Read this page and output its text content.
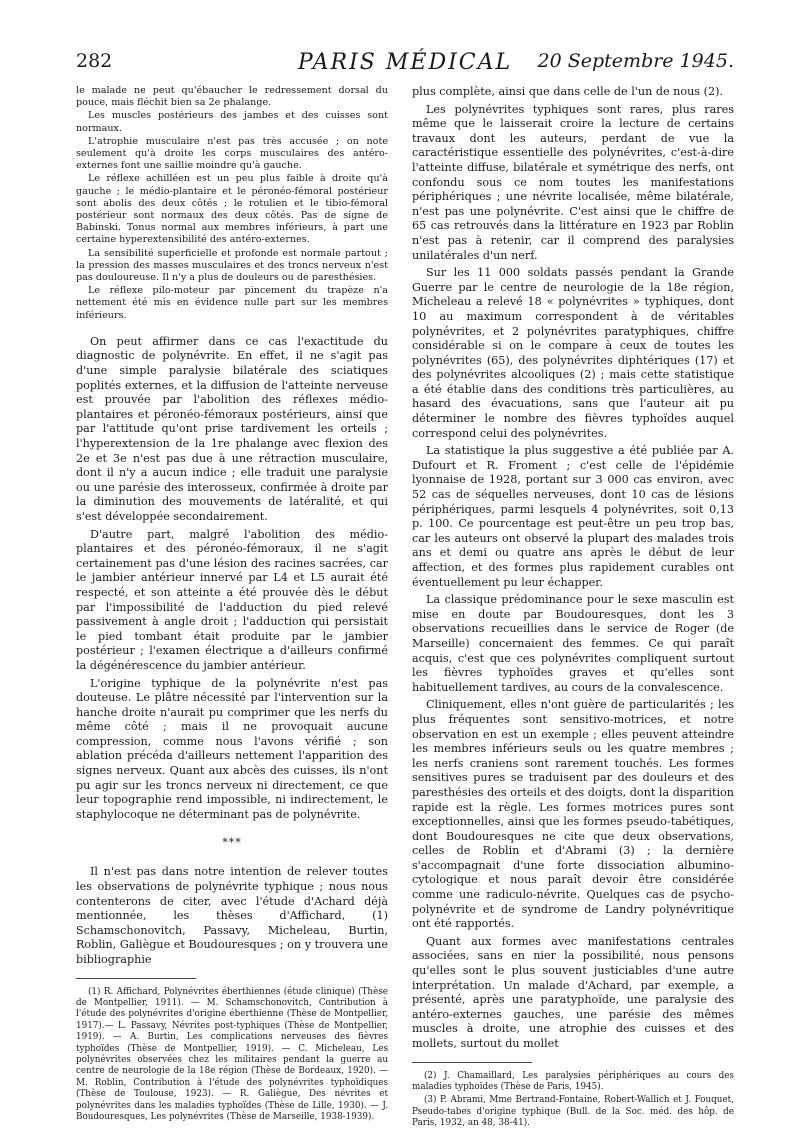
282	PARIS MÉDICAL	20 Septembre 1945.

le malade ne peut qu'ébaucher le redressement dorsal du pouce, mais fléchit bien sa 2e phalange.

Les muscles postérieurs des jambes et des cuisses sont normaux.

L'atrophie musculaire n'est pas très accusée ; on note seulement qu'à droite les corps musculaires des antéro-externes font une saillie moindre qu'à gauche.

Le réflexe achilléen est un peu plus faible à droite qu'à gauche ; le médio-plantaire et le péronéo-fémoral postérieur sont abolis des deux côtés ; le rotulien et le tibio-fémoral postérieur sont normaux des deux côtés. Pas de signe de Babinski. Tonus normal aux membres inférieurs, à part une certaine hyperextensibilité des antéro-externes.

La sensibilité superficielle et profonde est normale partout ; la pression des masses musculaires et des troncs nerveux n'est pas douloureuse. Il n'y a plus de douleurs ou de paresthésies.

Le réflexe pilo-moteur par pincement du trapèze n'a nettement été mis en évidence nulle part sur les membres inférieurs.

On peut affirmer dans ce cas l'exactitude du diagnostic de polynévrite. En effet, il ne s'agit pas d'une simple paralysie bilatérale des sciatiques poplités externes, et la diffusion de l'atteinte nerveuse est prouvée par l'abolition des réflexes médio-plantaires et péronéo-fémoraux postérieurs, ainsi que par l'attitude qu'ont prise tardivement les orteils ; l'hyperextension de la 1re phalange avec flexion des 2e et 3e n'est pas due à une rétraction musculaire, dont il n'y a aucun indice ; elle traduit une paralysie ou une parésie des interosseux, confirmée à droite par la diminution des mouvements de latéralité, et qui s'est développée secondairement.

D'autre part, malgré l'abolition des médio-plantaires et des péronéo-fémoraux, il ne s'agit certainement pas d'une lésion des racines sacrées, car le jambier antérieur innervé par L4 et L5 aurait été respecté, et son atteinte a été prouvée dès le début par l'impossibilité de l'adduction du pied relevé passivement à angle droit ; l'adduction qui persistait le pied tombant était produite par le jambier postérieur ; l'examen électrique a d'ailleurs confirmé la dégénérescence du jambier antérieur.

L'origine typhique de la polynévrite n'est pas douteuse. Le plâtre nécessité par l'intervention sur la hanche droite n'aurait pu comprimer que les nerfs du même côté ; mais il ne provoquait aucune compression, comme nous l'avons vérifié ; son ablation précéda d'ailleurs nettement l'apparition des signes nerveux. Quant aux abcès des cuisses, ils n'ont pu agir sur les troncs nerveux ni directement, ce que leur topographie rend impossible, ni indirectement, le staphylocoque ne déterminant pas de polynévrite.

***

Il n'est pas dans notre intention de relever toutes les observations de polynévrite typhique ; nous nous contenterons de citer, avec l'étude d'Achard déjà mentionnée, les thèses d'Affichard, (1) Schamschonovitch, Passavy, Micheleau, Burtin, Roblin, Galiègue et Boudouresques ; on y trouvera une bibliographie

(1) R. Affichard, Polynévrites éberthiennes (étude clinique) (Thèse de Montpellier, 1911). — M. Schamschonovitch, Contribution à l'étude des polynévrites d'origine éberthienne (Thèse de Montpellier, 1917).— L. Passavy, Névrites post-typhiques (Thèse de Montpellier, 1919). — A. Burtin, Les complications nerveuses des fièvres typhoïdes (Thèse de Montpellier, 1919). — C. Micheleau, Les polynévrites observées chez les militaires pendant la guerre au centre de neurologie de la 18e région (Thèse de Bordeaux, 1920). — M. Roblin, Contribution à l'étude des polynévrites typhoïdiques (Thèse de Toulouse, 1923). — R. Galiègue, Des névrites et polynévrites dans les maladies typhoïdes (Thèse de Lille, 1930). — J. Boudouresques, Les polynévrites (Thèse de Marseille, 1938-1939).

plus complète, ainsi que dans celle de l'un de nous (2).

Les polynévrites typhiques sont rares, plus rares même que le laisserait croire la lecture de certains travaux dont les auteurs, perdant de vue la caractéristique essentielle des polynévrites, c'est-à-dire l'atteinte diffuse, bilatérale et symétrique des nerfs, ont confondu sous ce nom toutes les manifestations périphériques ; une névrite localisée, même bilatérale, n'est pas une polynévrite. C'est ainsi que le chiffre de 65 cas retrouvés dans la littérature en 1923 par Roblin n'est pas à retenir, car il comprend des paralysies unilatérales d'un nerf.

Sur les 11 000 soldats passés pendant la Grande Guerre par le centre de neurologie de la 18e région, Micheleau a relevé 18 « polynévrites » typhiques, dont 10 au maximum correspondent à de véritables polynévrites, et 2 polynévrites paratyphiques, chiffre considérable si on le compare à ceux de toutes les polynévrites (65), des polynévrites diphtériques (17) et des polynévrites alcooliques (2) ; mais cette statistique a été établie dans des conditions très particulières, au hasard des évacuations, sans que l'auteur ait pu déterminer le nombre des fièvres typhoïdes auquel correspond celui des polynévrites.

La statistique la plus suggestive a été publiée par A. Dufourt et R. Froment ; c'est celle de l'épidémie lyonnaise de 1928, portant sur 3 000 cas environ, avec 52 cas de séquelles nerveuses, dont 10 cas de lésions périphériques, parmi lesquels 4 polynévrites, soit 0,13 p. 100. Ce pourcentage est peut-être un peu trop bas, car les auteurs ont observé la plupart des malades trois ans et demi ou quatre ans après le début de leur affection, et des formes plus rapidement curables ont éventuellement pu leur échapper.

La classique prédominance pour le sexe masculin est mise en doute par Boudouresques, dont les 3 observations recueillies dans le service de Roger (de Marseille) concernaient des femmes. Ce qui paraît acquis, c'est que ces polynévrites compliquent surtout les fièvres typhoïdes graves et qu'elles sont habituellement tardives, au cours de la convalescence.

Cliniquement, elles n'ont guère de particularités ; les plus fréquentes sont sensitivo-motrices, et notre observation en est un exemple ; elles peuvent atteindre les membres inférieurs seuls ou les quatre membres ; les nerfs craniens sont rarement touchés. Les formes sensitives pures se traduisent par des douleurs et des paresthésies des orteils et des doigts, dont la disparition rapide est la règle. Les formes motrices pures sont exceptionnelles, ainsi que les formes pseudo-tabétiques, dont Boudouresques ne cite que deux observations, celles de Roblin et d'Abrami (3) ; la dernière s'accompagnait d'une forte dissociation albumino-cytologique et nous paraît devoir être considérée comme une radiculo-névrite. Quelques cas de psycho-polynévrite et de syndrome de Landry polynévritique ont été rapportés.

Quant aux formes avec manifestations centrales associées, sans en nier la possibilité, nous pensons qu'elles sont le plus souvent justiciables d'une autre interprétation. Un malade d'Achard, par exemple, a présenté, après une paratyphoïde, une paralysie des antéro-externes gauches, une parésie des mêmes muscles à droite, une atrophie des cuisses et des mollets, surtout du mollet

(2) J. Chamaillard, Les paralysies périphériques au cours des maladies typhoïdes (Thèse de Paris, 1945).

(3) P. Abrami, Mme Bertrand-Fontaine, Robert-Wallich et J. Fouquet, Pseudo-tabes d'origine typhique (Bull. de la Soc. méd. des hôp. de Paris, 1932, an 48, 38-41).
